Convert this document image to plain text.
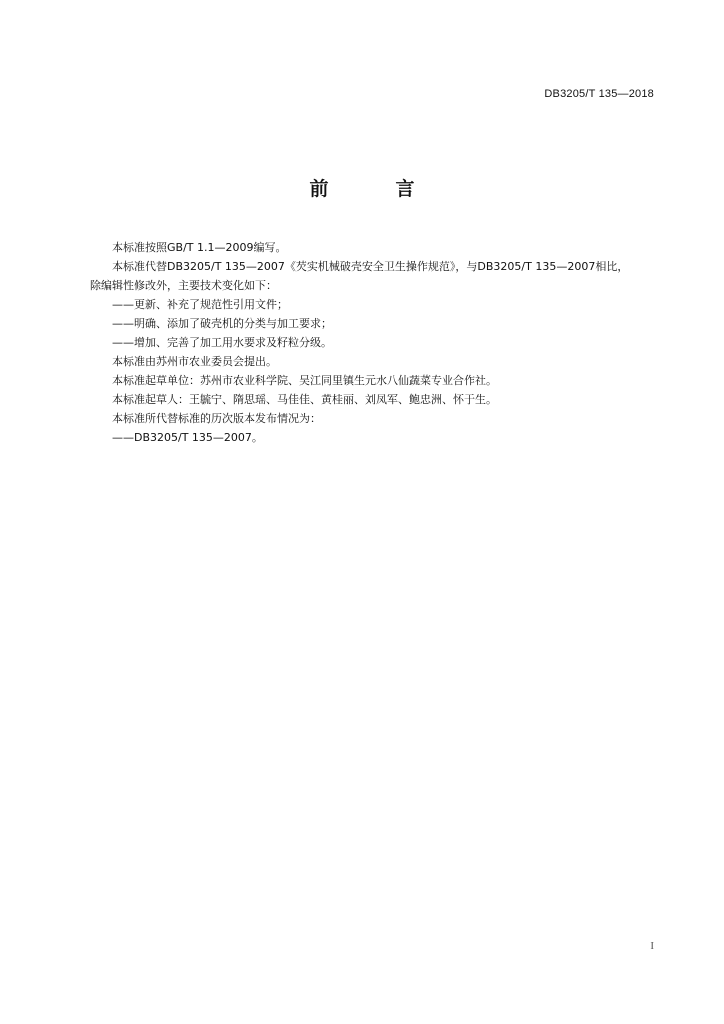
DB3205/T 135—2018
前　言

本标准按照GB/T 1.1—2009编写。

本标准代替DB3205/T 135—2007《芡实机械破壳安全卫生操作规范》，与DB3205/T 135—2007相比，

除编辑性修改外，主要技术变化如下：

——更新、补充了规范性引用文件；

——明确、添加了破壳机的分类与加工要求；

——增加、完善了加工用水要求及籽粒分级。

本标准由苏州市农业委员会提出。

本标准起草单位：苏州市农业科学院、吴江同里镇生元水八仙蔬菜专业合作社。

本标准起草人：王毓宁、隋思瑶、马佳佳、黄桂丽、刘凤军、鲍忠洲、怀于生。

本标准所代替标准的历次版本发布情况为：

——DB3205/T 135—2007。

I
